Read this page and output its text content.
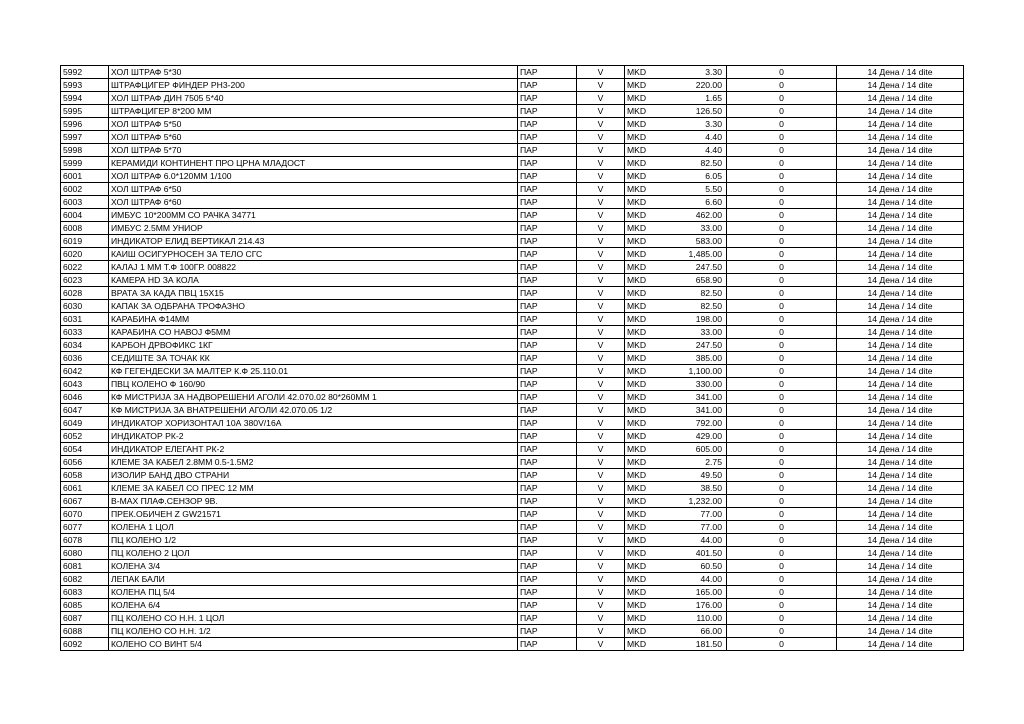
5992	ХОЛ ШТРАФ 5*30	ПАР	V	MKD	3.30	0	14 Дена / 14 dite
5993	ШТРАФЦИГЕР ФИНДЕР PH3-200	ПАР	V	MKD	220.00	0	14 Дена / 14 dite
5994	ХОЛ ШТРАФ ДИН 7505 5*40	ПАР	V	MKD	1.65	0	14 Дена / 14 dite
5995	ШТРАФЦИГЕР 8*200 ММ	ПАР	V	MKD	126.50	0	14 Дена / 14 dite
5996	ХОЛ ШТРАФ 5*50	ПАР	V	MKD	3.30	0	14 Дена / 14 dite
5997	ХОЛ ШТРАФ 5*60	ПАР	V	MKD	4.40	0	14 Дена / 14 dite
5998	ХОЛ ШТРАФ 5*70	ПАР	V	MKD	4.40	0	14 Дена / 14 dite
5999	КЕРАМИДИ КОНТИНЕНТ ПРО ЦРНА МЛАДОСТ	ПАР	V	MKD	82.50	0	14 Дена / 14 dite
6001	ХОЛ ШТРАФ 6.0*120ММ 1/100	ПАР	V	MKD	6.05	0	14 Дена / 14 dite
6002	ХОЛ ШТРАФ 6*50	ПАР	V	MKD	5.50	0	14 Дена / 14 dite
6003	ХОЛ ШТРАФ 6*60	ПАР	V	MKD	6.60	0	14 Дена / 14 dite
6004	ИМБУС 10*200ММ СО РАЧКА 34771	ПАР	V	MKD	462.00	0	14 Дена / 14 dite
6008	ИМБУС 2.5ММ УНИОР	ПАР	V	MKD	33.00	0	14 Дена / 14 dite
6019	ИНДИКАТОР ЕЛИД ВЕРТИКАЛ 214.43	ПАР	V	MKD	583.00	0	14 Дена / 14 dite
6020	КАИШ ОСИГУРНОСЕН ЗА ТЕЛО СГС	ПАР	V	MKD	1,485.00	0	14 Дена / 14 dite
6022	КАЛАЈ 1 ММ Т.Ф 100ГР. 008822	ПАР	V	MKD	247.50	0	14 Дена / 14 dite
6023	КАМЕРА HD ЗА КОЛА	ПАР	V	MKD	658.90	0	14 Дена / 14 dite
6028	ВРАТА ЗА КАДА ПВЦ 15X15	ПАР	V	MKD	82.50	0	14 Дена / 14 dite
6030	КАПАК ЗА ОДБРАНА ТРОФАЗНО	ПАР	V	MKD	82.50	0	14 Дена / 14 dite
6031	КАРАБИНА Ф14ММ	ПАР	V	MKD	198.00	0	14 Дена / 14 dite
6033	КАРАБИНА СО НАВОЈ Ф5ММ	ПАР	V	MKD	33.00	0	14 Дена / 14 dite
6034	КАРБОН ДРВОФИКС 1КГ	ПАР	V	MKD	247.50	0	14 Дена / 14 dite
6036	СЕДИШТЕ ЗА ТОЧАК КК	ПАР	V	MKD	385.00	0	14 Дена / 14 dite
6042	КФ ГЕГЕНДЕСКИ ЗА МАЛТЕР К.Ф 25.110.01	ПАР	V	MKD	1,100.00	0	14 Дена / 14 dite
6043	ПВЦ КОЛЕНО Ф 160/90	ПАР	V	MKD	330.00	0	14 Дена / 14 dite
6046	КФ МИСТРИЈА ЗА НАДВОРЕШЕНИ АГОЛИ 42.070.02 80*260ММ 1	ПАР	V	MKD	341.00	0	14 Дена / 14 dite
6047	КФ МИСТРИЈА ЗА ВНАТРЕШЕНИ АГОЛИ 42.070.05 1/2	ПАР	V	MKD	341.00	0	14 Дена / 14 dite
6049	ИНДИКАТОР ХОРИЗОНТАЛ 10А 380V/16А	ПАР	V	MKD	792.00	0	14 Дена / 14 dite
6052	ИНДИКАТОР РК-2	ПАР	V	MKD	429.00	0	14 Дена / 14 dite
6054	ИНДИКАТОР ЕЛЕГАНТ РК-2	ПАР	V	MKD	605.00	0	14 Дена / 14 dite
6056	КЛЕМЕ ЗА КАБЕЛ 2.8ММ 0.5-1.5М2	ПАР	V	MKD	2.75	0	14 Дена / 14 dite
6058	ИЗОЛИР БАНД ДВО СТРАНИ	ПАР	V	MKD	49.50	0	14 Дена / 14 dite
6061	КЛЕМЕ ЗА КАБЕЛ СО ПРЕС 12 ММ	ПАР	V	MKD	38.50	0	14 Дена / 14 dite
6067	В-MAX ПЛАФ.СЕНЗОР 9В.	ПАР	V	MKD	1,232.00	0	14 Дена / 14 dite
6070	ПРЕК.ОБИЧЕН Z GW21571	ПАР	V	MKD	77.00	0	14 Дена / 14 dite
6077	КОЛЕНА 1 ЦОЛ	ПАР	V	MKD	77.00	0	14 Дена / 14 dite
6078	ПЦ КОЛЕНО 1/2	ПАР	V	MKD	44.00	0	14 Дена / 14 dite
6080	ПЦ КОЛЕНО 2 ЦОЛ	ПАР	V	MKD	401.50	0	14 Дена / 14 dite
6081	КОЛЕНА 3/4	ПАР	V	MKD	60.50	0	14 Дена / 14 dite
6082	ЛЕПАК БАЛИ	ПАР	V	MKD	44.00	0	14 Дена / 14 dite
6083	КОЛЕНА ПЦ 5/4	ПАР	V	MKD	165.00	0	14 Дена / 14 dite
6085	КОЛЕНА 6/4	ПАР	V	MKD	176.00	0	14 Дена / 14 dite
6087	ПЦ КОЛЕНО СО Н.Н. 1 ЦОЛ	ПАР	V	MKD	110.00	0	14 Дена / 14 dite
6088	ПЦ КОЛЕНО СО Н.Н. 1/2	ПАР	V	MKD	66.00	0	14 Дена / 14 dite
6092	КОЛЕНО СО ВИНТ 5/4	ПАР	V	MKD	181.50	0	14 Дена / 14 dite
